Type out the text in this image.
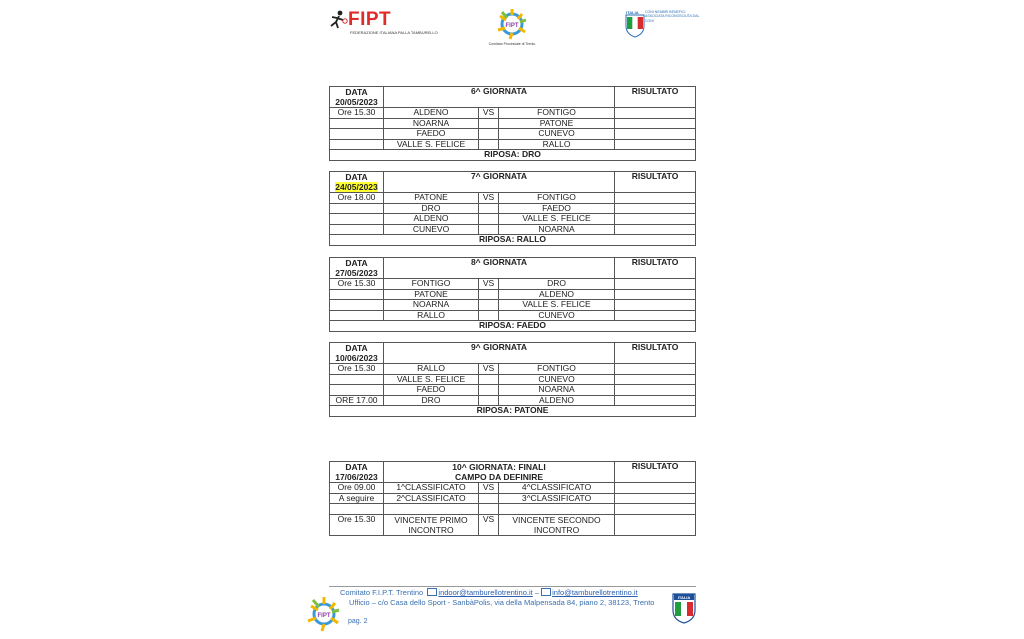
FIPT
FEDERAZIONE ITALIANA PALLA TAMBURELLO
FIPT
Comitato Provinciale di Trento
ITALIA CONI NEMBRI BENEFICI ASSOCIATA RICONOSCIUTA DAL CONI
DATA
20/05/2023	6^ GIORNATA			RISULTATO

Ore 15.30	ALDENO	VS	FONTIGO	
	NOARNA		PATONE	
	FAEDO		CUNEVO	
	VALLE S. FELICE		RALLO	
RIPOSA: DRO				
DATA
24/05/2023	7^ GIORNATA			RISULTATO

Ore 18.00	PATONE	VS	FONTIGO	
	DRO		FAEDO	
	ALDENO		VALLE S. FELICE	
	CUNEVO		NOARNA	
RIPOSA: RALLO				
DATA
27/05/2023	8^ GIORNATA			RISULTATO

Ore 15.30	FONTIGO	VS	DRO	
	PATONE		ALDENO	
	NOARNA		VALLE S. FELICE	
	RALLO		CUNEVO	
RIPOSA: FAEDO				
DATA
10/06/2023	9^ GIORNATA			RISULTATO

Ore 15.30	RALLO	VS	FONTIGO	
	VALLE S. FELICE		CUNEVO	
	FAEDO		NOARNA	
ORE 17.00	DRO		ALDENO	
RIPOSA: PATONE				
DATA
17/06/2023	10^ GIORNATA: FINALI
CAMPO DA DEFINIRE			RISULTATO
Ore 09.00	1^CLASSIFICATO	VS	4^CLASSIFICATO	
A seguire	2^CLASSIFICATO		3^CLASSIFICATO	

Ore 15.30	VINCENTE PRIMO INCONTRO	VS	VINCENTE SECONDO INCONTRO	
Comitato F.I.P.T. Trentino indoor@tamburellotrentino.it – info@tamburellotrentino.it
Ufficio – c/o Casa dello Sport - SanbàPolis, via della Malpensada 84, piano 2, 38123, Trento
pag. 2
FIPT
ITALIA
